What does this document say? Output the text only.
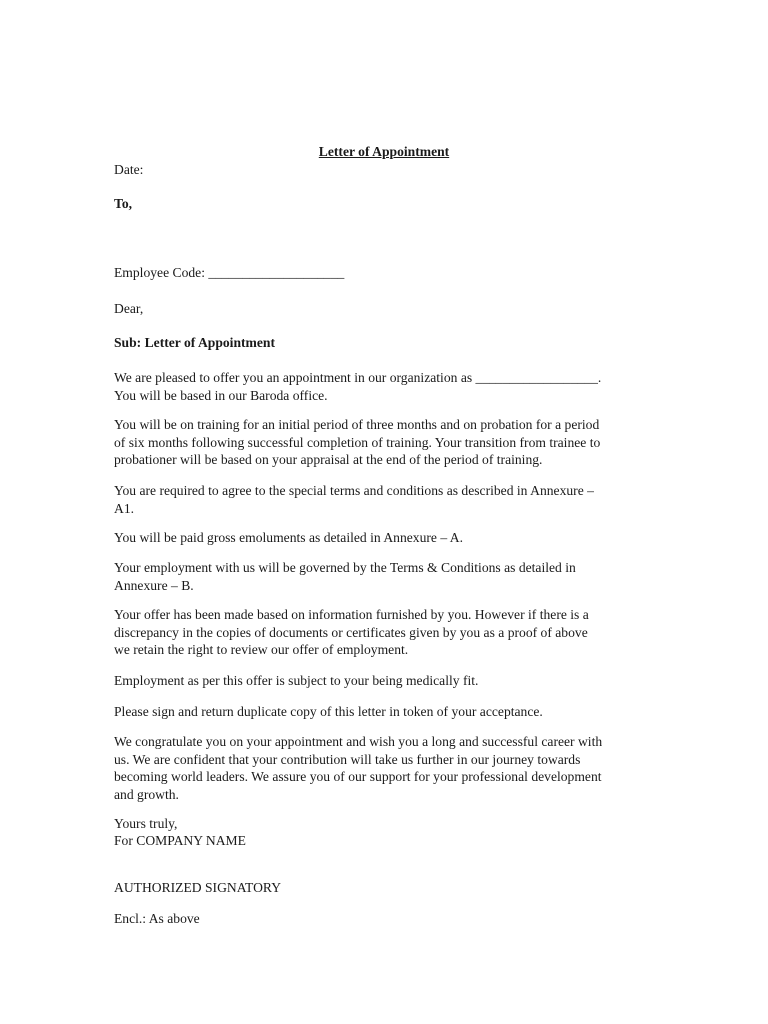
Letter of Appointment
Date:
To,
Employee Code: ____________________
Dear,
Sub: Letter of Appointment

We are pleased to offer you an appointment in our organization as __________________.

You will be based in our Baroda office.

You will be on training for an initial period of three months and on probation for a period

of six months following successful completion of training. Your transition from trainee to

probationer will be based on your appraisal at the end of the period of training.

You are required to agree to the special terms and conditions as described in Annexure –

A1.

You will be paid gross emoluments as detailed in Annexure – A.

Your employment with us will be governed by the Terms & Conditions as detailed in

Annexure – B.

Your offer has been made based on information furnished by you. However if there is a

discrepancy in the copies of documents or certificates given by you as a proof of above

we retain the right to review our offer of employment.

Employment as per this offer is subject to your being medically fit.

Please sign and return duplicate copy of this letter in token of your acceptance.

We congratulate you on your appointment and wish you a long and successful career with

us. We are confident that your contribution will take us further in our journey towards

becoming world leaders. We assure you of our support for your professional development

and growth.

Yours truly,
For COMPANY NAME
AUTHORIZED SIGNATORY
Encl.: As above
